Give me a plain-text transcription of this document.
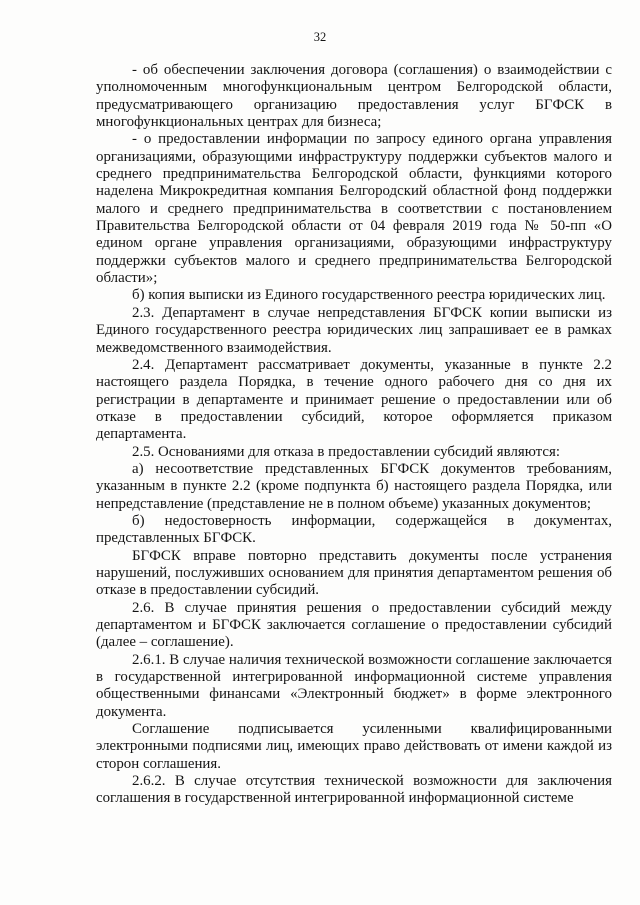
32

- об обеспечении заключения договора (соглашения) о взаимодействии с уполномоченным многофункциональным центром Белгородской области, предусматривающего организацию предоставления услуг БГФСК в многофункциональных центрах для бизнеса;

- о предоставлении информации по запросу единого органа управления организациями, образующими инфраструктуру поддержки субъектов малого и среднего предпринимательства Белгородской области, функциями которого наделена Микрокредитная компания Белгородский областной фонд поддержки малого и среднего предпринимательства в соответствии с постановлением Правительства Белгородской области от 04 февраля 2019 года № 50-пп «О едином органе управления организациями, образующими инфраструктуру поддержки субъектов малого и среднего предпринимательства Белгородской области»;

б) копия выписки из Единого государственного реестра юридических лиц.

2.3. Департамент в случае непредставления БГФСК копии выписки из Единого государственного реестра юридических лиц запрашивает ее в рамках межведомственного взаимодействия.

2.4. Департамент рассматривает документы, указанные в пункте 2.2 настоящего раздела Порядка, в течение одного рабочего дня со дня их регистрации в департаменте и принимает решение о предоставлении или об отказе в предоставлении субсидий, которое оформляется приказом департамента.

2.5. Основаниями для отказа в предоставлении субсидий являются:

а) несоответствие представленных БГФСК документов требованиям, указанным в пункте 2.2 (кроме подпункта б) настоящего раздела Порядка, или непредставление (представление не в полном объеме) указанных документов;

б) недостоверность информации, содержащейся в документах, представленных БГФСК.

БГФСК вправе повторно представить документы после устранения нарушений, послуживших основанием для принятия департаментом решения об отказе в предоставлении субсидий.

2.6. В случае принятия решения о предоставлении субсидий между департаментом и БГФСК заключается соглашение о предоставлении субсидий (далее – соглашение).

2.6.1. В случае наличия технической возможности соглашение заключается в государственной интегрированной информационной системе управления общественными финансами «Электронный бюджет» в форме электронного документа.

Соглашение подписывается усиленными квалифицированными электронными подписями лиц, имеющих право действовать от имени каждой из сторон соглашения.

2.6.2. В случае отсутствия технической возможности для заключения соглашения в государственной интегрированной информационной системе
